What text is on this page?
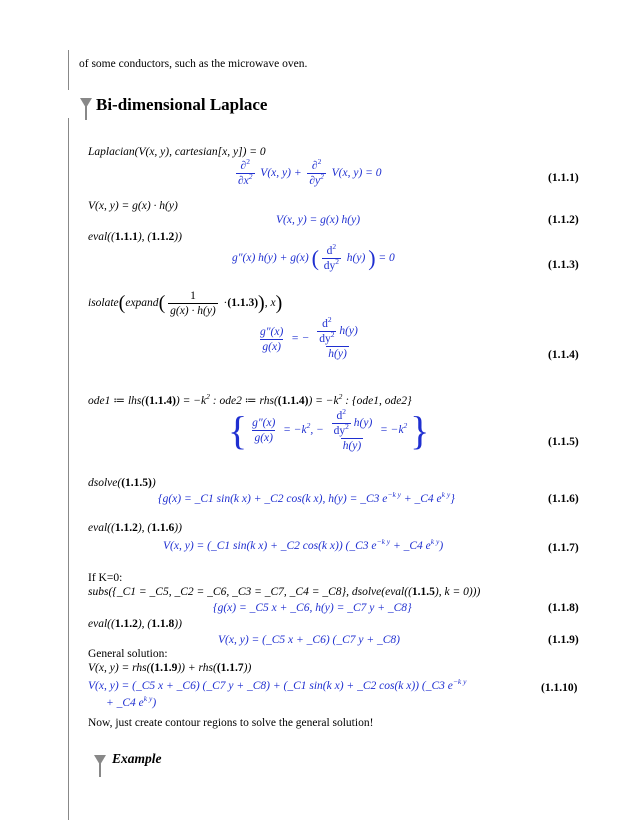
of some conductors, such as the microwave oven.
Bi-dimensional Laplace
Laplacian(V(x, y), cartesian[x, y]) = 0
$\frac{\partial^2}{\partial x^2} V(x$, $y) + \frac{\partial^2}{\partial y^2} V(x$, y) = 0	(1.1.1)
V(x, y) = g(x) · h(y)
V(x, y) = g(x) h(y)	(1.1.2)
eval((1.1.1), (1.1.2))
g″(x) h(y) + g(x) ( $\frac{d^2}{dy^2} h(y)$ ) = 0
(1.1.3)
isolate(expand( $\frac{1}{g(x) \cdot h(y)} \cdot(1.1.3)$), x)
$\frac{g''(x)}{g(x)}$ = − $\frac{\frac{d^2}{dy^2} h(y)}{h(y)}$	(1.1.4)
ode1 ≔ $lhs((1.1.4)) = -k^2$ : ode2 ≔ $rhs((1.1.4)) = -k^2$ : {ode1, ode2}
{ $\frac{g''(x)}{g(x)} = -k^2$, − $\frac{\frac{d^2}{dy^2} h(y)}{h(y)} = -k^2$ }	(1.1.5)
dsolve((1.1.5))
{g(x) = _C1 sin(k x) + _C2 cos(k x), h(y) = _C3 $e^{-k y}$ + _C4 $e^{k y}$}	(1.1.6)
eval((1.1.2), (1.1.6))
V(x, y) = (_C1 sin(k x) + _C2 cos(k x)) (_C3 $e^{-k y}$ + _C4 $e^{k y}$)	(1.1.7)
If K=0:
subs({_C1 = _C5, _C2 = _C6, _C3 = _C7, _C4 = _C8}, dsolve(eval((1.1.5), k = 0)))
{g(x) = _C5 x + _C6, h(y) = _C7 y + _C8}	(1.1.8)
eval((1.1.2), (1.1.8))
V(x, y) = (_C5 x + _C6) (_C7 y + _C8)	(1.1.9)
General solution:
V(x, y) = rhs((1.1.9)) + rhs((1.1.7))
V(x, y) = (_C5 x + _C6) (_C7 y + _C8) + (_C1 sin(k x) + _C2 cos(k x)) (_C3 $e^{-k y}$
+ _C4 $e^{k y}$)
(1.1.10)
Now, just create contour regions to solve the general solution!
Example
